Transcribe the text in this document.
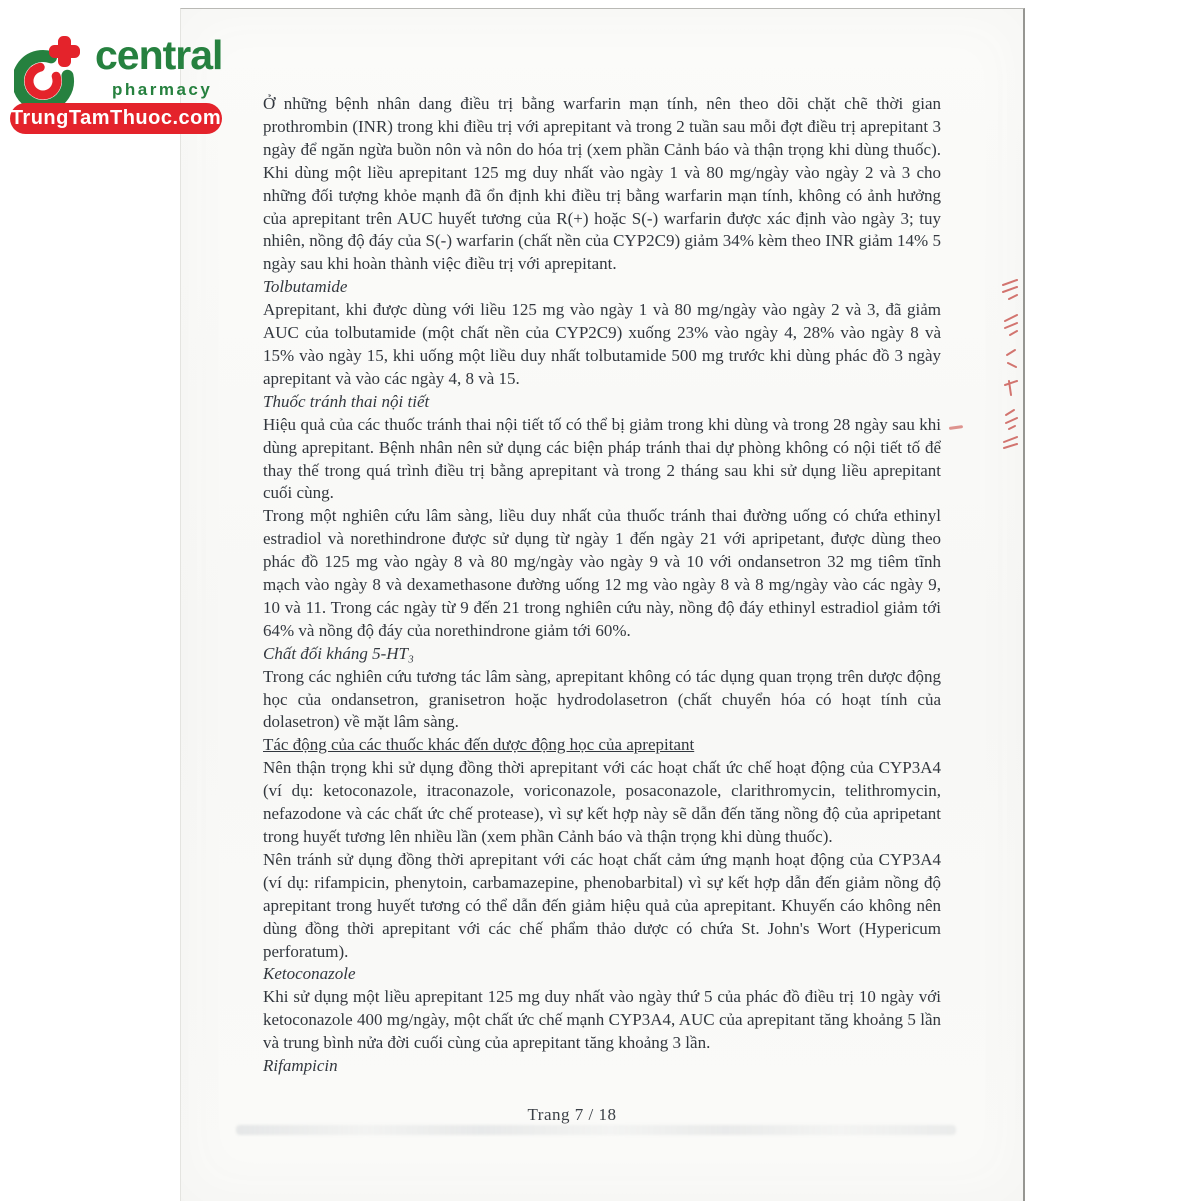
Ở những bệnh nhân dang điều trị bằng warfarin mạn tính, nên theo dõi chặt chẽ thời gian prothrombin (INR) trong khi điều trị với aprepitant và trong 2 tuần sau mỗi đợt điều trị aprepitant 3 ngày để ngăn ngừa buồn nôn và nôn do hóa trị (xem phần Cảnh báo và thận trọng khi dùng thuốc). Khi dùng một liều aprepitant 125 mg duy nhất vào ngày 1 và 80 mg/ngày vào ngày 2 và 3 cho những đối tượng khỏe mạnh đã ổn định khi điều trị bằng warfarin mạn tính, không có ảnh hưởng của aprepitant trên AUC huyết tương của R(+) hoặc S(-) warfarin được xác định vào ngày 3; tuy nhiên, nồng độ đáy của S(-) warfarin (chất nền của CYP2C9) giảm 34% kèm theo INR giảm 14% 5 ngày sau khi hoàn thành việc điều trị với aprepitant.

Tolbutamide

Aprepitant, khi được dùng với liều 125 mg vào ngày 1 và 80 mg/ngày vào ngày 2 và 3, đã giảm AUC của tolbutamide (một chất nền của CYP2C9) xuống 23% vào ngày 4, 28% vào ngày 8 và 15% vào ngày 15, khi uống một liều duy nhất tolbutamide 500 mg trước khi dùng phác đồ 3 ngày aprepitant và vào các ngày 4, 8 và 15.

Thuốc tránh thai nội tiết

Hiệu quả của các thuốc tránh thai nội tiết tố có thể bị giảm trong khi dùng và trong 28 ngày sau khi dùng aprepitant. Bệnh nhân nên sử dụng các biện pháp tránh thai dự phòng không có nội tiết tố để thay thế trong quá trình điều trị bằng aprepitant và trong 2 tháng sau khi sử dụng liều aprepitant cuối cùng.

Trong một nghiên cứu lâm sàng, liều duy nhất của thuốc tránh thai đường uống có chứa ethinyl estradiol và norethindrone được sử dụng từ ngày 1 đến ngày 21 với apripetant, được dùng theo phác đồ 125 mg vào ngày 8 và 80 mg/ngày vào ngày 9 và 10 với ondansetron 32 mg tiêm tĩnh mạch vào ngày 8 và dexamethasone đường uống 12 mg vào ngày 8 và 8 mg/ngày vào các ngày 9, 10 và 11. Trong các ngày từ 9 đến 21 trong nghiên cứu này, nồng độ đáy ethinyl estradiol giảm tới 64% và nồng độ đáy của norethindrone giảm tới 60%.

Chất đối kháng 5-HT₃

Trong các nghiên cứu tương tác lâm sàng, aprepitant không có tác dụng quan trọng trên dược động học của ondansetron, granisetron hoặc hydrodolasetron (chất chuyển hóa có hoạt tính của dolasetron) về mặt lâm sàng.

Tác động của các thuốc khác đến dược động học của aprepitant

Nên thận trọng khi sử dụng đồng thời aprepitant với các hoạt chất ức chế hoạt động của CYP3A4 (ví dụ: ketoconazole, itraconazole, voriconazole, posaconazole, clarithromycin, telithromycin, nefazodone và các chất ức chế protease), vì sự kết hợp này sẽ dẫn đến tăng nồng độ của apripetant trong huyết tương lên nhiều lần (xem phần Cảnh báo và thận trọng khi dùng thuốc).

Nên tránh sử dụng đồng thời aprepitant với các hoạt chất cảm ứng mạnh hoạt động của CYP3A4 (ví dụ: rifampicin, phenytoin, carbamazepine, phenobarbital) vì sự kết hợp dẫn đến giảm nồng độ aprepitant trong huyết tương có thể dẫn đến giảm hiệu quả của aprepitant. Khuyến cáo không nên dùng đồng thời aprepitant với các chế phẩm thảo dược có chứa St. John's Wort (Hypericum perforatum).

Ketoconazole

Khi sử dụng một liều aprepitant 125 mg duy nhất vào ngày thứ 5 của phác đồ điều trị 10 ngày với ketoconazole 400 mg/ngày, một chất ức chế mạnh CYP3A4, AUC của aprepitant tăng khoảng 5 lần và trung bình nửa đời cuối cùng của aprepitant tăng khoảng 3 lần.

Rifampicin

Trang 7 / 18
central
pharmacy
TrungTamThuoc.com
